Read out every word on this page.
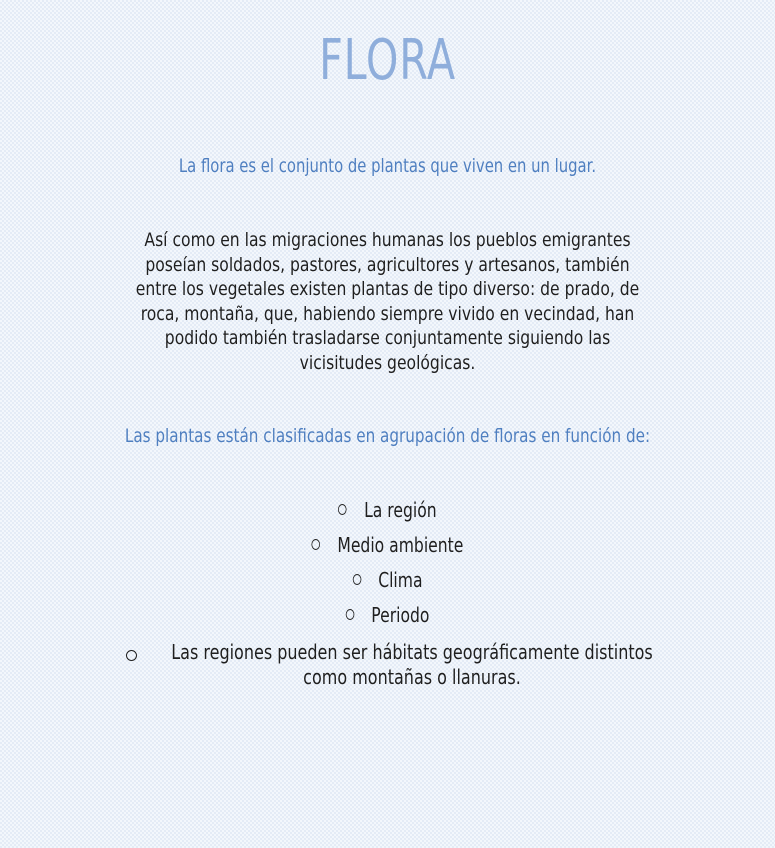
FLORA
La flora es el conjunto de plantas que viven en un lugar.
Así como en las migraciones humanas los pueblos emigrantes poseían soldados, pastores, agricultores y artesanos, también entre los vegetales existen plantas de tipo diverso: de prado, de roca, montaña, que, habiendo siempre vivido en vecindad, han podido también trasladarse conjuntamente siguiendo las vicisitudes geológicas.
Las plantas están clasificadas en agrupación de floras en función de:
La región
Medio ambiente
Clima
Periodo
Las regiones pueden ser hábitats geográficamente distintos como montañas o llanuras.
